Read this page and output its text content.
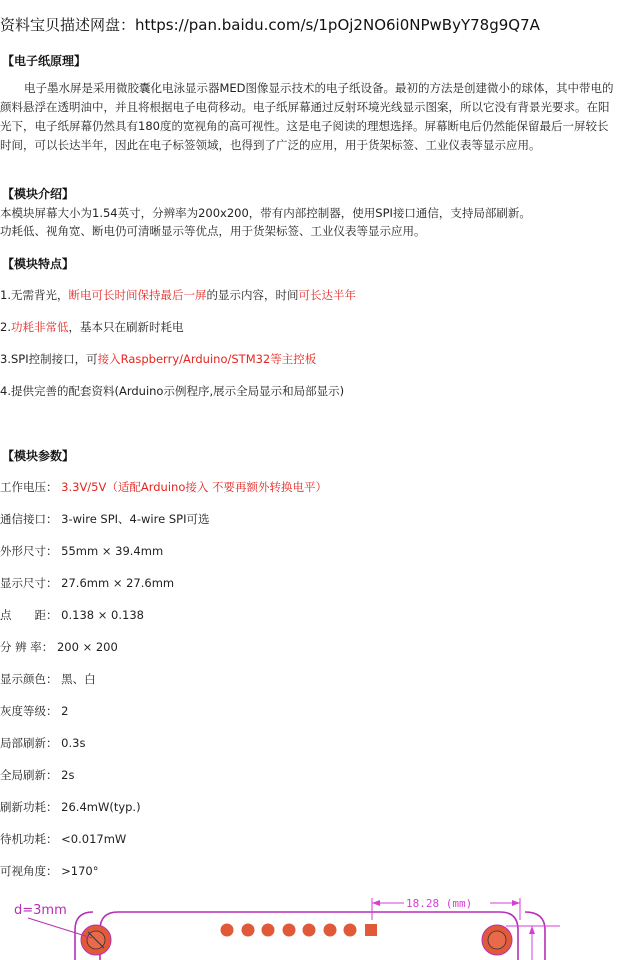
资料宝贝描述网盘：https://pan.baidu.com/s/1pOj2NO6i0NPwByY78g9Q7A
【电子纸原理】
电子墨水屏是采用微胶囊化电泳显示器MED图像显示技术的电子纸设备。最初的方法是创建微小的球体，其中带电的颜料悬浮在透明油中，并且将根据电子电荷移动。电子纸屏幕通过反射环境光线显示图案，所以它没有背景光要求。在阳光下，电子纸屏幕仍然具有180度的宽视角的高可视性。这是电子阅读的理想选择。屏幕断电后仍然能保留最后一屏较长时间，可以长达半年，因此在电子标签领域，也得到了广泛的应用，用于货架标签、工业仪表等显示应用。
【模块介绍】
本模块屏幕大小为1.54英寸，分辨率为200x200，带有内部控制器，使用SPI接口通信，支持局部刷新。
功耗低、视角宽、断电仍可清晰显示等优点，用于货架标签、工业仪表等显示应用。
【模块特点】
1.无需背光，断电可长时间保持最后一屏的显示内容，时间可长达半年
2.功耗非常低，基本只在刷新时耗电
3.SPI控制接口，可接入Raspberry/Arduino/STM32等主控板
4.提供完善的配套资料(Arduino示例程序,展示全局显示和局部显示)
【模块参数】
工作电压： 3.3V/5V（适配Arduino接入 不要再额外转换电平）
通信接口： 3-wire SPI、4-wire SPI可选
外形尺寸： 55mm × 39.4mm
显示尺寸： 27.6mm × 27.6mm
点　　距： 0.138 × 0.138
分 辨 率： 200 × 200
显示颜色： 黑、白
灰度等级： 2
局部刷新： 0.3s
全局刷新： 2s
刷新功耗： 26.4mW(typ.)
待机功耗： <0.017mW
可视角度： >170°
d=3mm	18.28 (mm)
